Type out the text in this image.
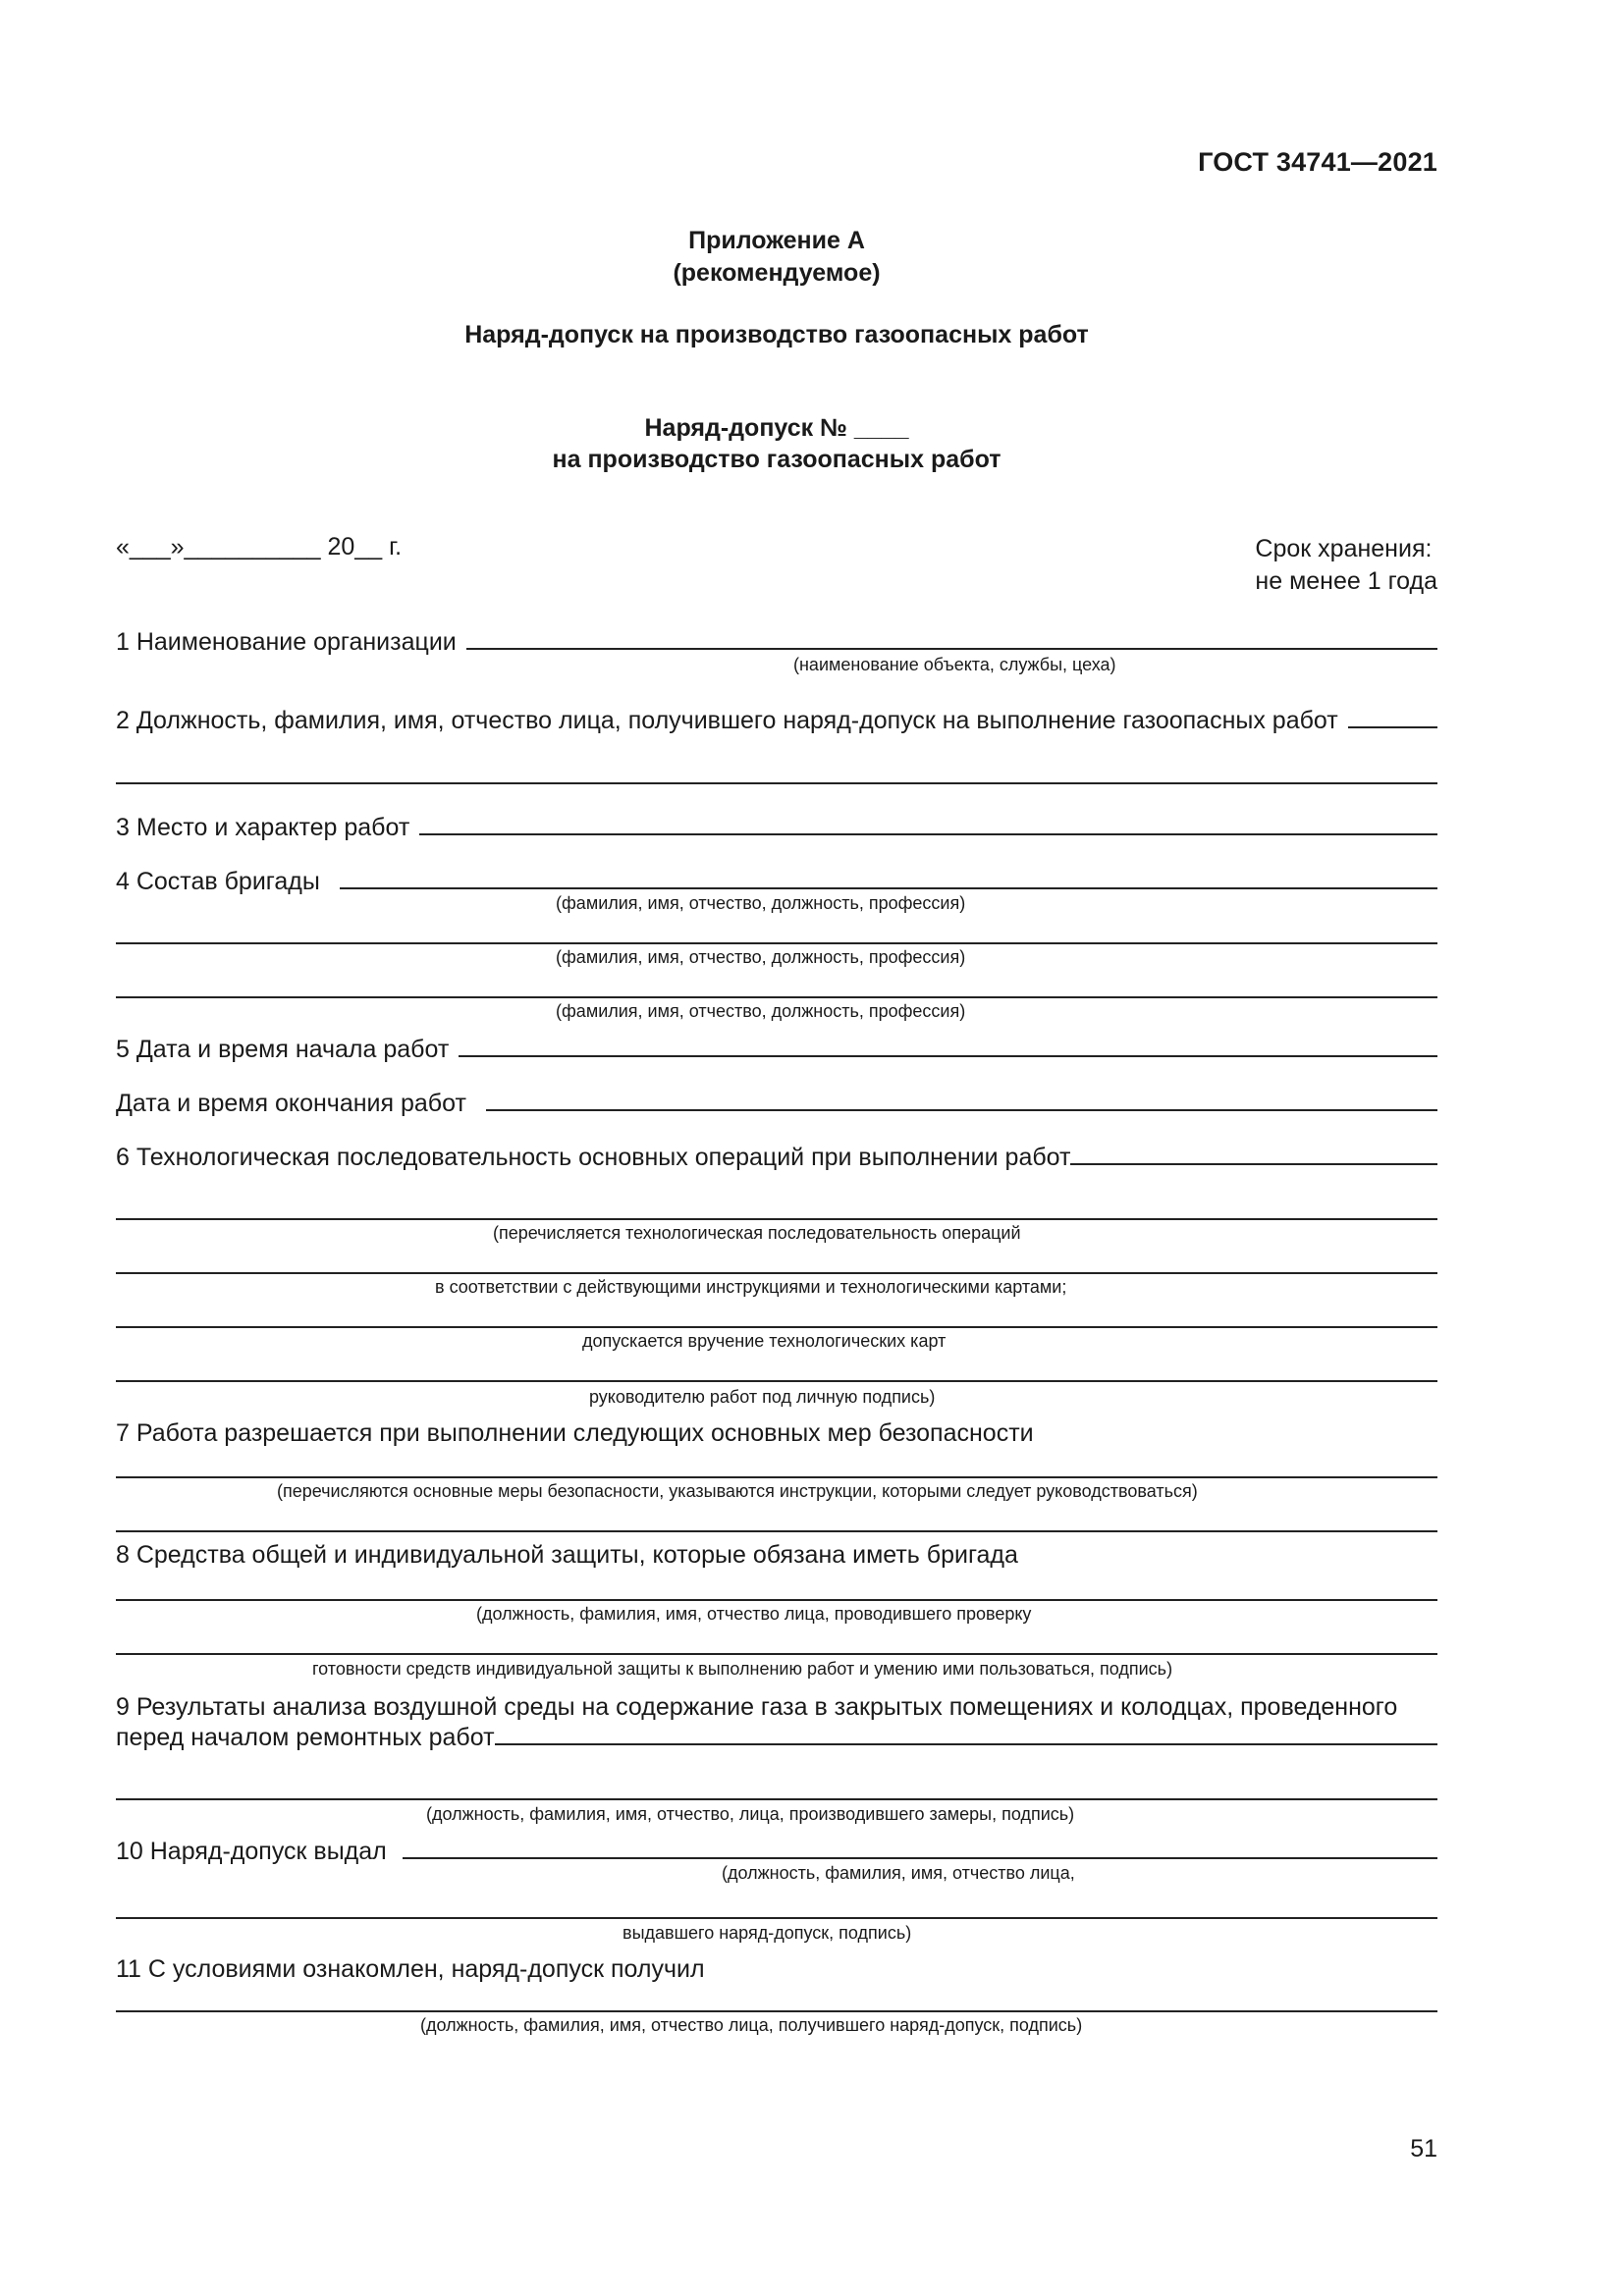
ГОСТ 34741—2021
Приложение А
(рекомендуемое)
Наряд-допуск на производство газоопасных работ
Наряд-допуск № ____
на производство газоопасных работ
«___»__________ 20__ г.	Срок хранения:
не менее 1 года
1 Наименование организации
(наименование объекта, службы, цеха)
2 Должность, фамилия, имя, отчество лица, получившего наряд-допуск на выполнение газоопасных работ
3 Место и характер работ
4 Состав бригады
(фамилия, имя, отчество, должность, профессия)
(фамилия, имя, отчество, должность, профессия)
(фамилия, имя, отчество, должность, профессия)
5 Дата и время начала работ
Дата и время окончания работ
6 Технологическая последовательность основных операций при выполнении работ
(перечисляется технологическая последовательность операций
в соответствии с действующими инструкциями и технологическими картами;
допускается вручение технологических карт
руководителю работ под личную подпись)
7 Работа разрешается при выполнении следующих основных мер безопасности
(перечисляются основные меры безопасности, указываются инструкции, которыми следует руководствоваться)
8 Средства общей и индивидуальной защиты, которые обязана иметь бригада
(должность, фамилия, имя, отчество лица, проводившего проверку
готовности средств индивидуальной защиты к выполнению работ и умению ими пользоваться, подпись)
9 Результаты анализа воздушной среды на содержание газа в закрытых помещениях и колодцах, проведенного
перед началом ремонтных работ
(должность, фамилия, имя, отчество, лица, производившего замеры, подпись)
10 Наряд-допуск выдал
(должность, фамилия, имя, отчество лица,
выдавшего наряд-допуск, подпись)
11 С условиями ознакомлен, наряд-допуск получил
(должность, фамилия, имя, отчество лица, получившего наряд-допуск, подпись)
51
